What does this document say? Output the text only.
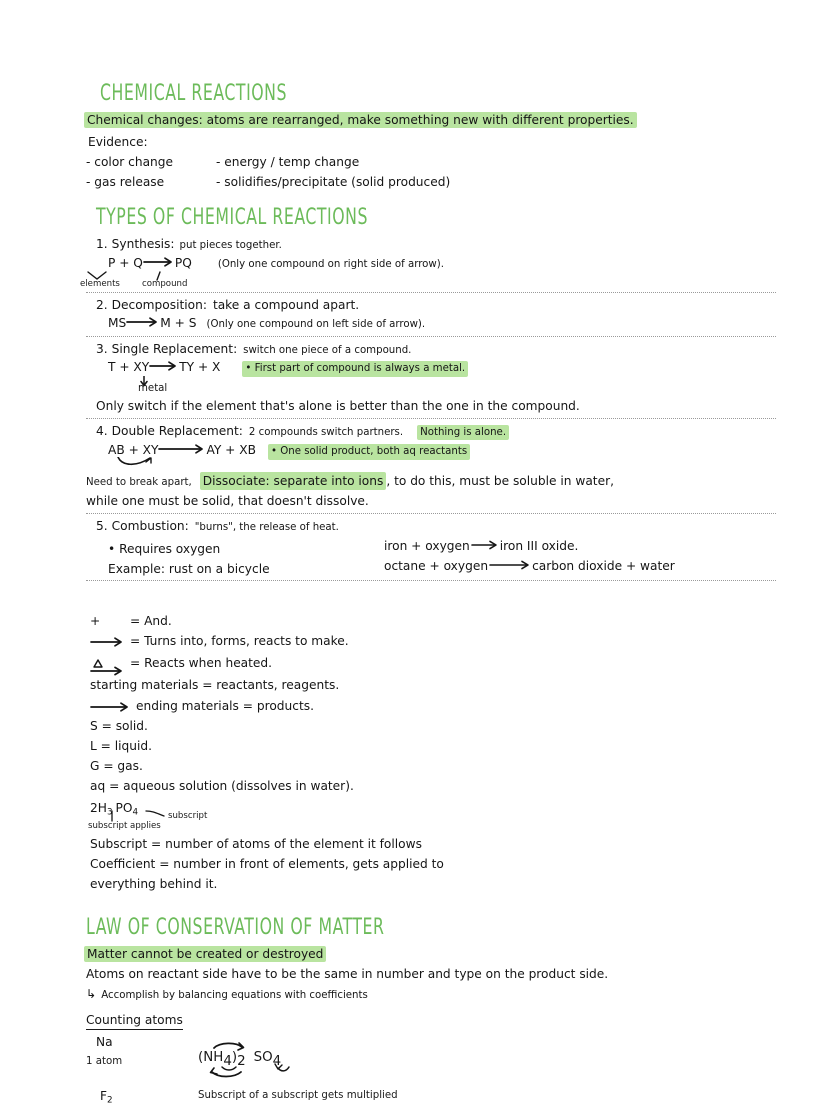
CHEMICAL REACTIONS
Chemical changes: atoms are rearranged, make something new with different properties.
Evidence:
- color change	- energy / temp change
- gas release	- solidifies/precipitate (solid produced)
TYPES OF CHEMICAL REACTIONS
1. Synthesis: put pieces together.
P + Q	PQ	(Only one compound on right side of arrow).
elements	compound
2. Decomposition: take a compound apart.
MS	M + S (Only one compound on left side of arrow).
3. Single Replacement: switch one piece of a compound.
T + XY TY + X • First part of compound is always a metal.
metal
Only switch if the element that's alone is better than the one in the compound.
4. Double Replacement: 2 compounds switch partners. Nothing is alone.
AB + XY	AY + XB • One solid product, both aq reactants
Need to break apart, Dissociate: separate into ions , to do this, must be soluble in water,
while one must be solid, that doesn't dissolve.
5. Combustion: "burns", the release of heat.
• Requires oxygen	iron + oxygen iron III oxide.
Example: rust on a bicycle	octane + oxygen	carbon dioxide + water
+	= And.
= Turns into, forms, reacts to make.
= Reacts when heated.
starting materials = reactants, reagents.
ending materials = products.
S = solid.
L = liquid.
G = gas.
aq = aqueous solution (dissolves in water).
$2H_3$ $PO_4$	subscript
subscript applies
Subscript = number of atoms of the element it follows
Coefficient = number in front of elements, gets applied to
everything behind it.
LAW OF CONSERVATION OF MATTER
Matter cannot be created or destroyed
Atoms on reactant side have to be the same in number and type on the product side.
↳ Accomplish by balancing equations with coefficients
Counting atoms
Na
1 atom	$(NH_4)_2$ $SO_4$
$F_2$	Subscript of a subscript gets multiplied
